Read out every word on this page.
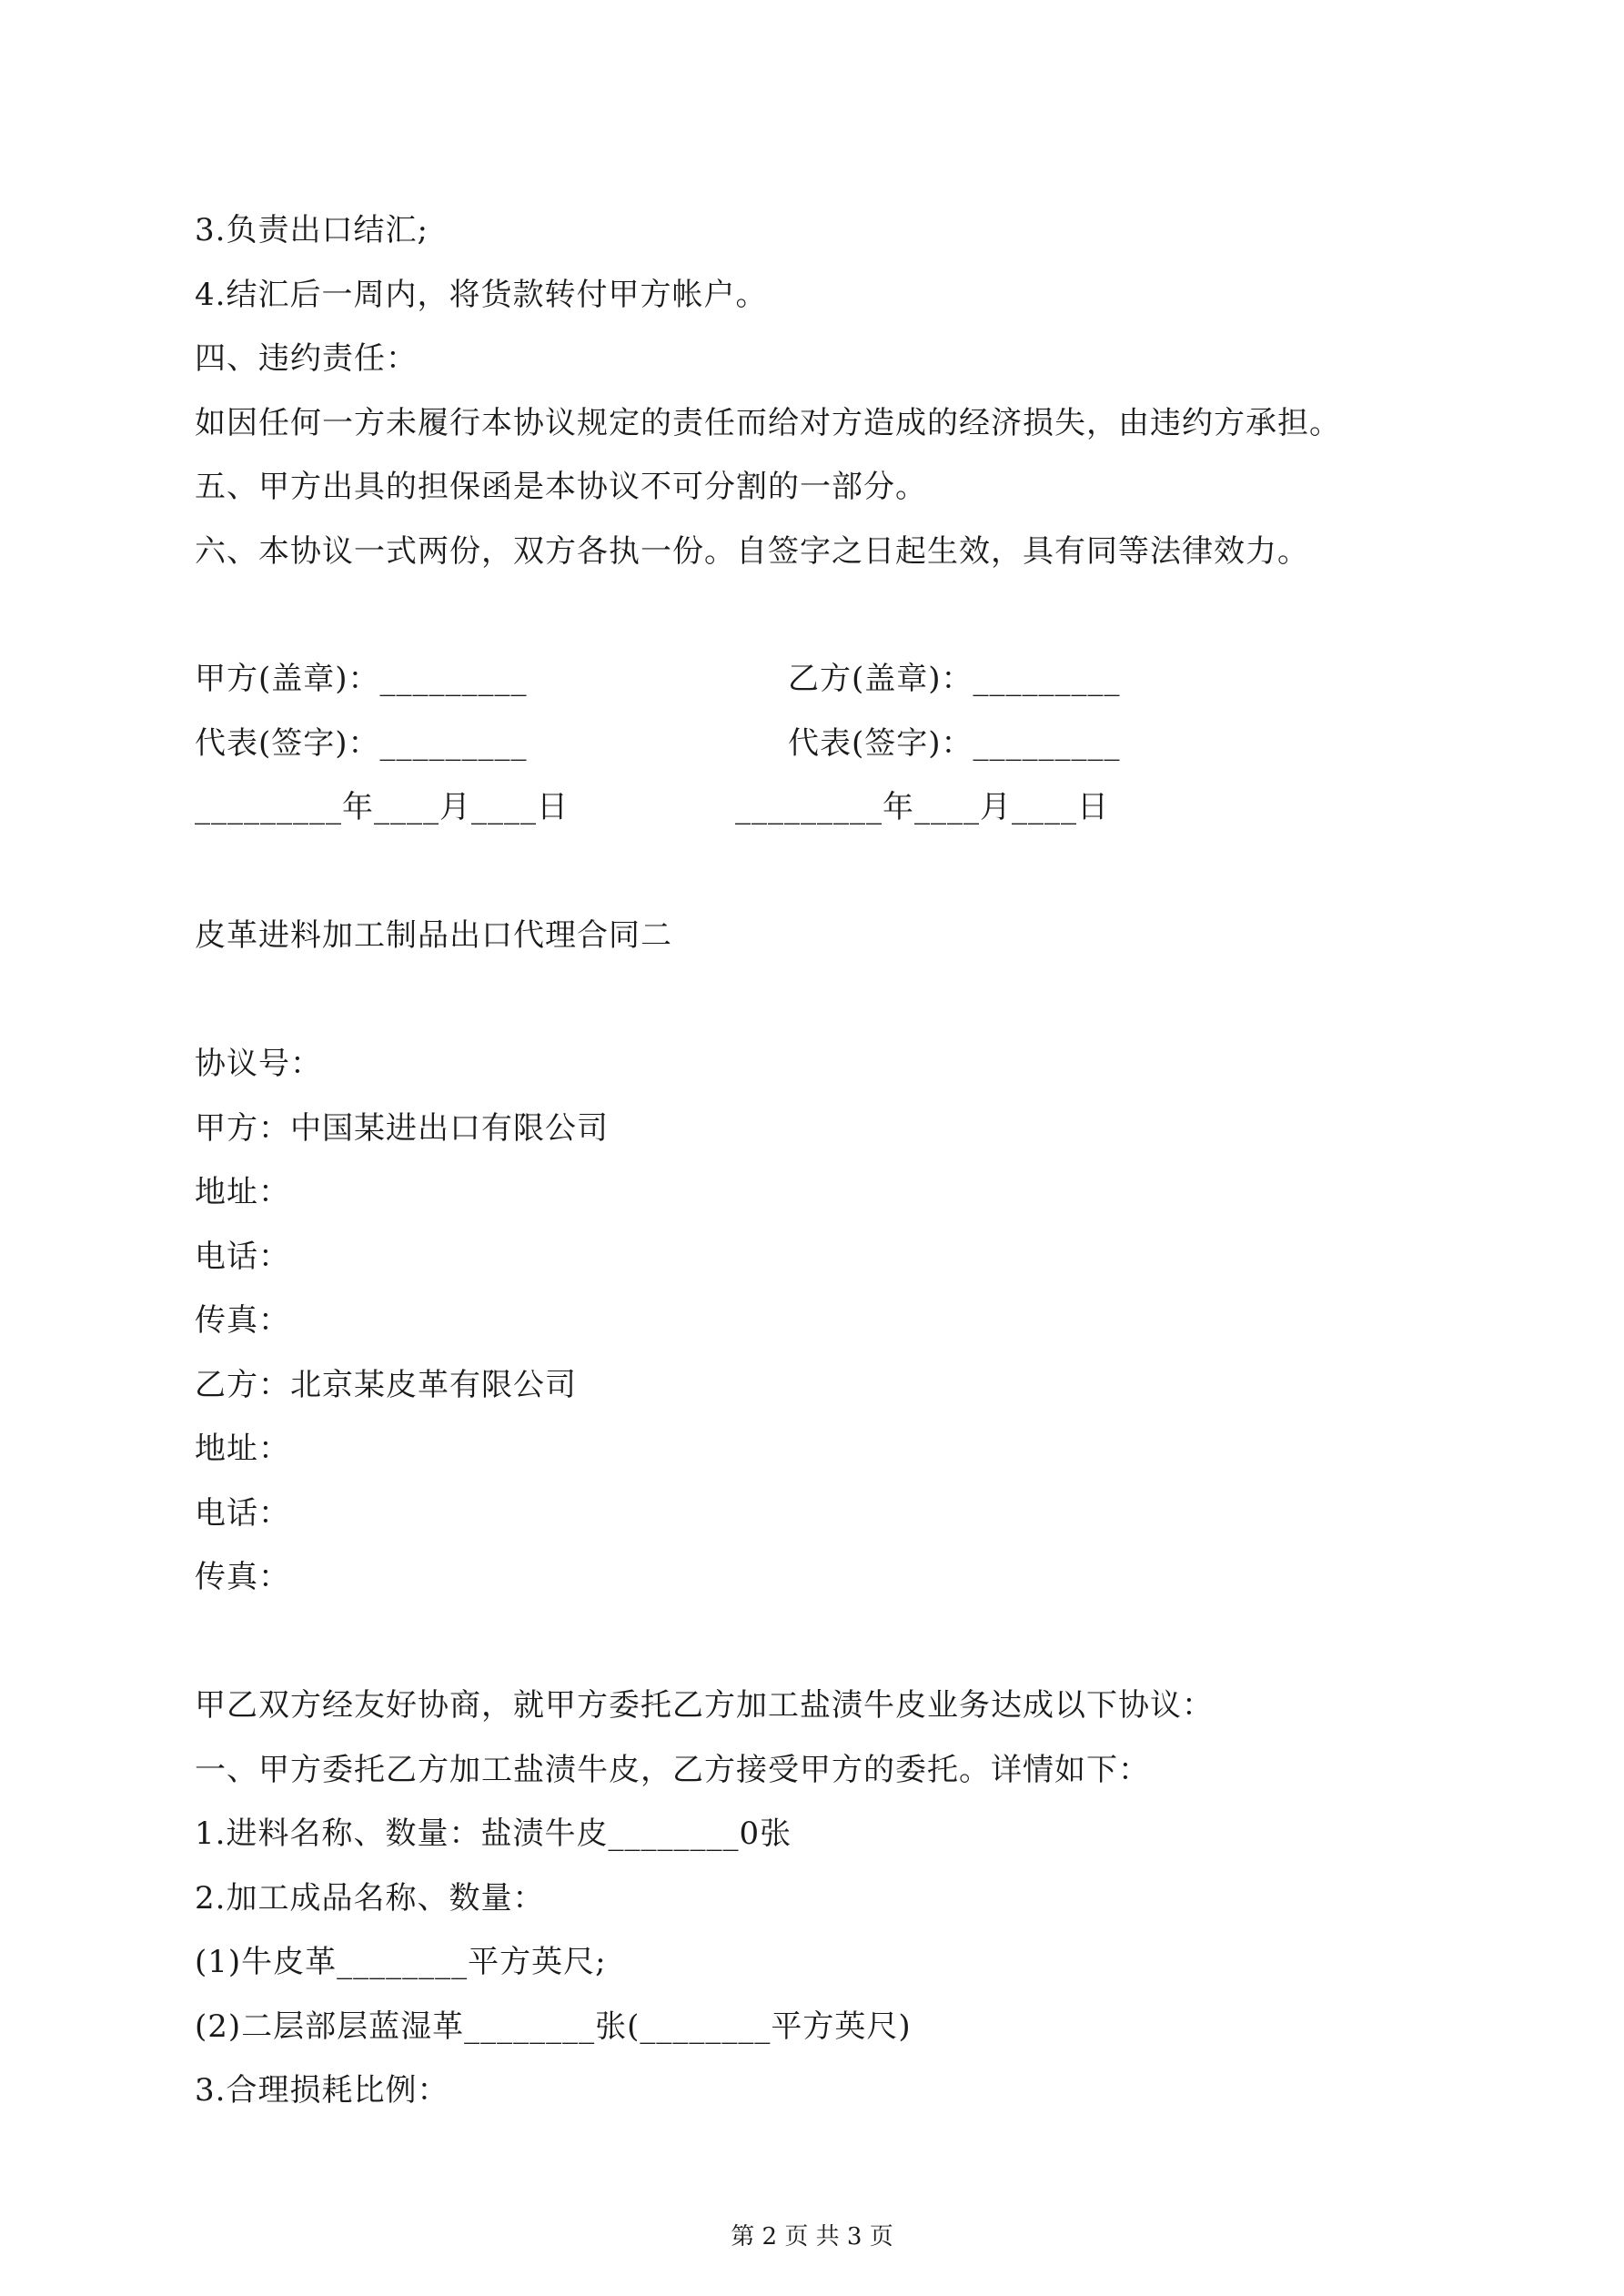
3.负责出口结汇;
4.结汇后一周内，将货款转付甲方帐户。
四、违约责任：
如因任何一方未履行本协议规定的责任而给对方造成的经济损失，由违约方承担。
五、甲方出具的担保函是本协议不可分割的一部分。
六、本协议一式两份，双方各执一份。自签字之日起生效，具有同等法律效力。
甲方(盖章)：_________	乙方(盖章)：_________
代表(签字)：_________	代表(签字)：_________
_________年____月____日	_________年____月____日
皮革进料加工制品出口代理合同二
协议号：
甲方：中国某进出口有限公司
地址：
电话：
传真：
乙方：北京某皮革有限公司
地址：
电话：
传真：
甲乙双方经友好协商，就甲方委托乙方加工盐渍牛皮业务达成以下协议：
一、甲方委托乙方加工盐渍牛皮，乙方接受甲方的委托。详情如下：
1.进料名称、数量：盐渍牛皮________0张
2.加工成品名称、数量：
(1)牛皮革________平方英尺;
(2)二层部层蓝湿革________张(________平方英尺)
3.合理损耗比例：
第 2 页 共 3 页
